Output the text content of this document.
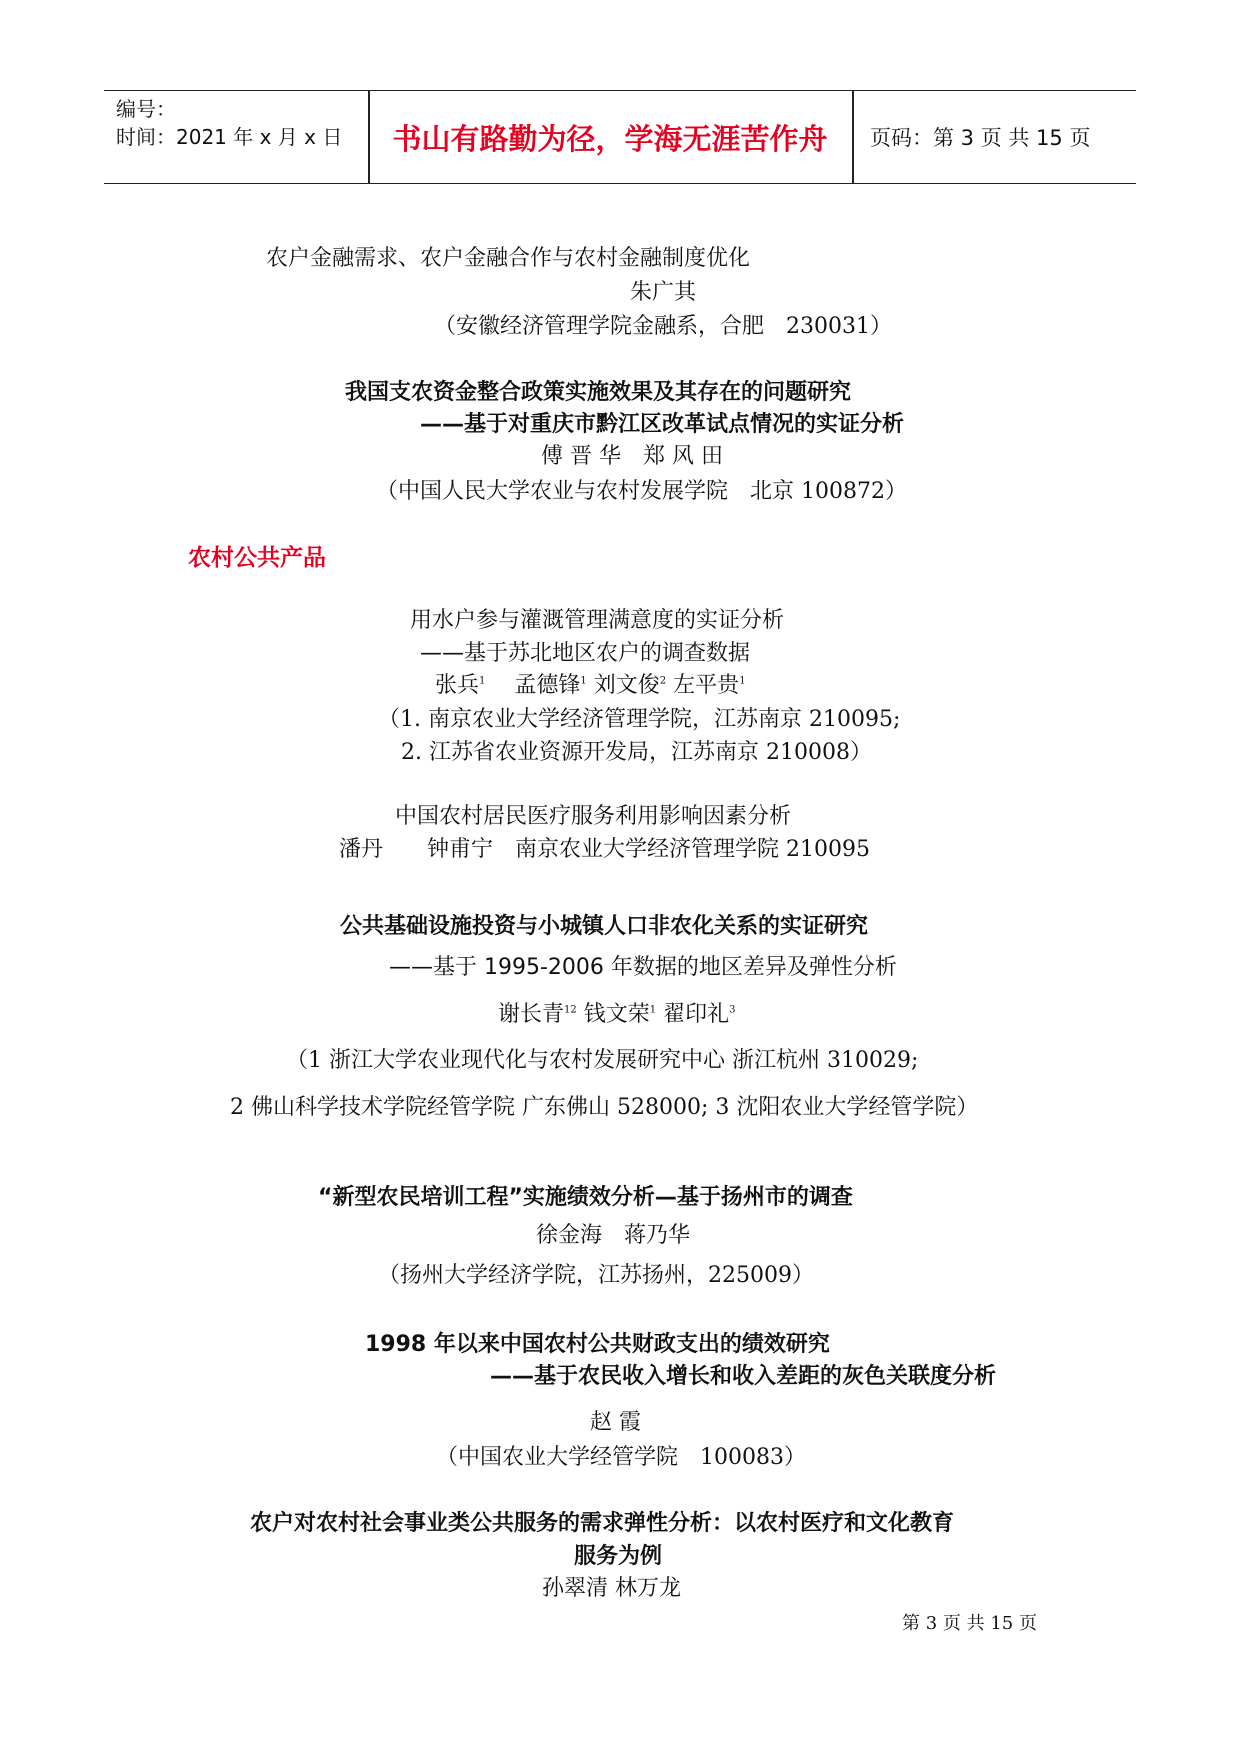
编号：
时间：2021 年 x 月 x 日	书山有路勤为径，学海无涯苦作舟	页码：第 3 页 共 15 页
农户金融需求、农户金融合作与农村金融制度优化
朱广其
（安徽经济管理学院金融系，合肥　230031）
我国支农资金整合政策实施效果及其存在的问题研究
——基于对重庆市黔江区改革试点情况的实证分析
傅 晋 华　郑 风 田
（中国人民大学农业与农村发展学院　北京 100872）
农村公共产品
用水户参与灌溉管理满意度的实证分析
——基于苏北地区农户的调查数据
张兵$^1$　 孟德锋$^1$ 刘文俊$^2$ 左平贵$^1$
（1. 南京农业大学经济管理学院，江苏南京 210095;
2. 江苏省农业资源开发局，江苏南京 210008）
中国农村居民医疗服务利用影响因素分析
潘丹　　钟甫宁　南京农业大学经济管理学院 210095
公共基础设施投资与小城镇人口非农化关系的实证研究
——基于 1995-2006 年数据的地区差异及弹性分析
谢长青$^{12}$ 钱文荣$^1$ 翟印礼$^3$
（1 浙江大学农业现代化与农村发展研究中心 浙江杭州 310029;
2 佛山科学技术学院经管学院 广东佛山 528000; 3 沈阳农业大学经管学院）
“新型农民培训工程”实施绩效分析—基于扬州市的调查
徐金海　蒋乃华
（扬州大学经济学院，江苏扬州，225009）
1998 年以来中国农村公共财政支出的绩效研究
——基于农民收入增长和收入差距的灰色关联度分析
赵 霞
（中国农业大学经管学院　100083）
农户对农村社会事业类公共服务的需求弹性分析：以农村医疗和文化教育
服务为例
孙翠清 林万龙
第 3 页 共 15 页
